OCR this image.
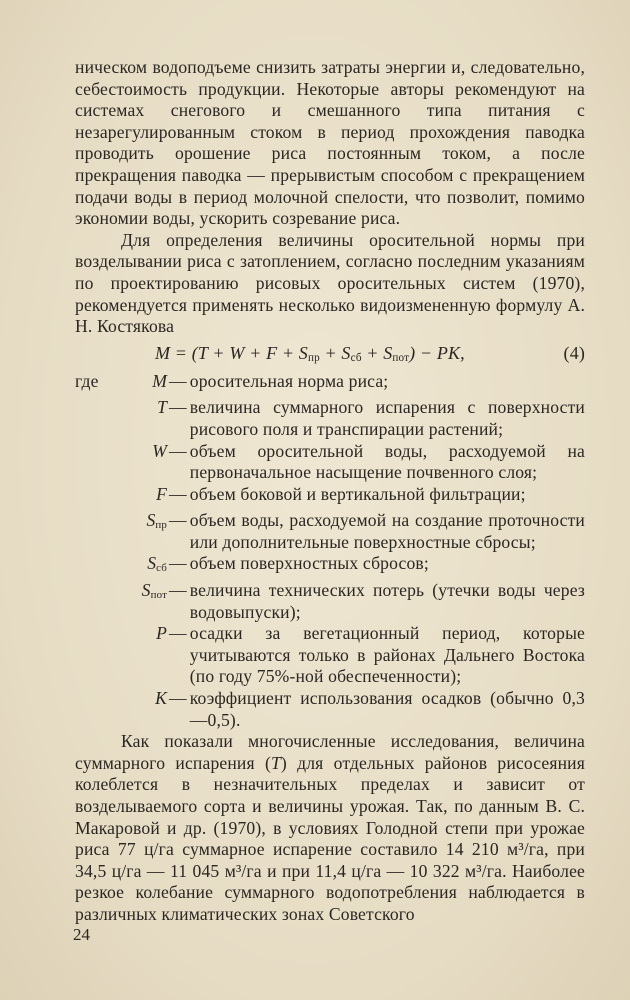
ническом водоподъеме снизить затраты энергии и, следовательно, себестоимость продукции. Некоторые авторы рекомендуют на системах снегового и смешанного типа питания с незарегулированным стоком в период прохождения паводка проводить орошение риса постоянным током, а после прекращения паводка — прерывистым способом с прекращением подачи воды в период молочной спелости, что позволит, помимо экономии воды, ускорить созревание риса.

Для определения величины оросительной нормы при возделывании риса с затоплением, согласно последним указаниям по проектированию рисовых оросительных систем (1970), рекомендуется применять несколько видоизмененную формулу А. Н. Костякова

$M = (T + W + F + S_{пр} + S_{сб} + S_{пот})$ − PK,	(4)
где	M — оросительная норма риса;
T — величина суммарного испарения с поверхности рисового поля и транспирации растений;
W — объем оросительной воды, расходуемой на первоначальное насыщение почвенного слоя;
F — объем боковой и вертикальной фильтрации;
$S_{пр}$ — объем воды, расходуемой на создание проточности или дополнительные поверхностные сбросы;
$S_{сб}$ — объем поверхностных сбросов;
$S_{пот}$ — величина технических потерь (утечки воды через водовыпуски);
P — осадки за вегетационный период, которые учитываются только в районах Дальнего Востока (по году 75%-ной обеспеченности);
K — коэффициент использования осадков (обычно 0,3—0,5).

Как показали многочисленные исследования, величина суммарного испарения (T) для отдельных районов рисосеяния колеблется в незначительных пределах и зависит от возделываемого сорта и величины урожая. Так, по данным В. С. Макаровой и др. (1970), в условиях Голодной степи при урожае риса 77 ц/га суммарное испарение составило 14 210 м³/га, при 34,5 ц/га — 11 045 м³/га и при 11,4 ц/га — 10 322 м³/га. Наиболее резкое колебание суммарного водопотребления наблюдается в различных климатических зонах Советского

24
